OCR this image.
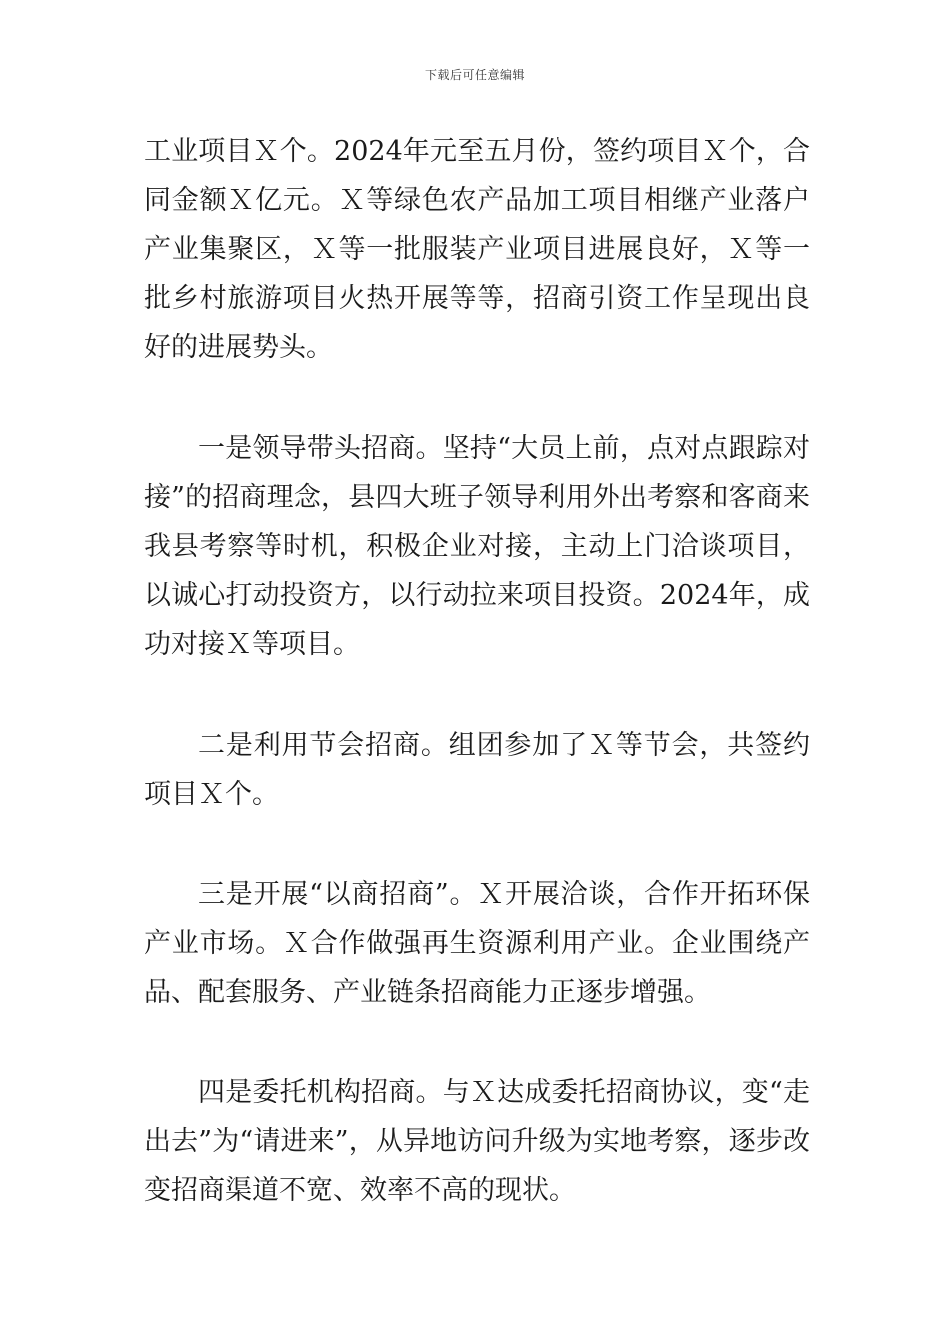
下载后可任意编辑

工业项目Ｘ个。2024年元至五月份，签约项目Ｘ个，合同金额Ｘ亿元。Ｘ等绿色农产品加工项目相继产业落户产业集聚区，Ｘ等一批服装产业项目进展良好，Ｘ等一批乡村旅游项目火热开展等等，招商引资工作呈现出良好的进展势头。

一是领导带头招商。坚持“大员上前，点对点跟踪对接”的招商理念，县四大班子领导利用外出考察和客商来我县考察等时机，积极企业对接，主动上门洽谈项目，以诚心打动投资方，以行动拉来项目投资。2024年，成功对接Ｘ等项目。

二是利用节会招商。组团参加了Ｘ等节会，共签约项目Ｘ个。

三是开展“以商招商”。Ｘ开展洽谈，合作开拓环保产业市场。Ｘ合作做强再生资源利用产业。企业围绕产品、配套服务、产业链条招商能力正逐步增强。

四是委托机构招商。与Ｘ达成委托招商协议，变“走出去”为“请进来”，从异地访问升级为实地考察，逐步改变招商渠道不宽、效率不高的现状。
